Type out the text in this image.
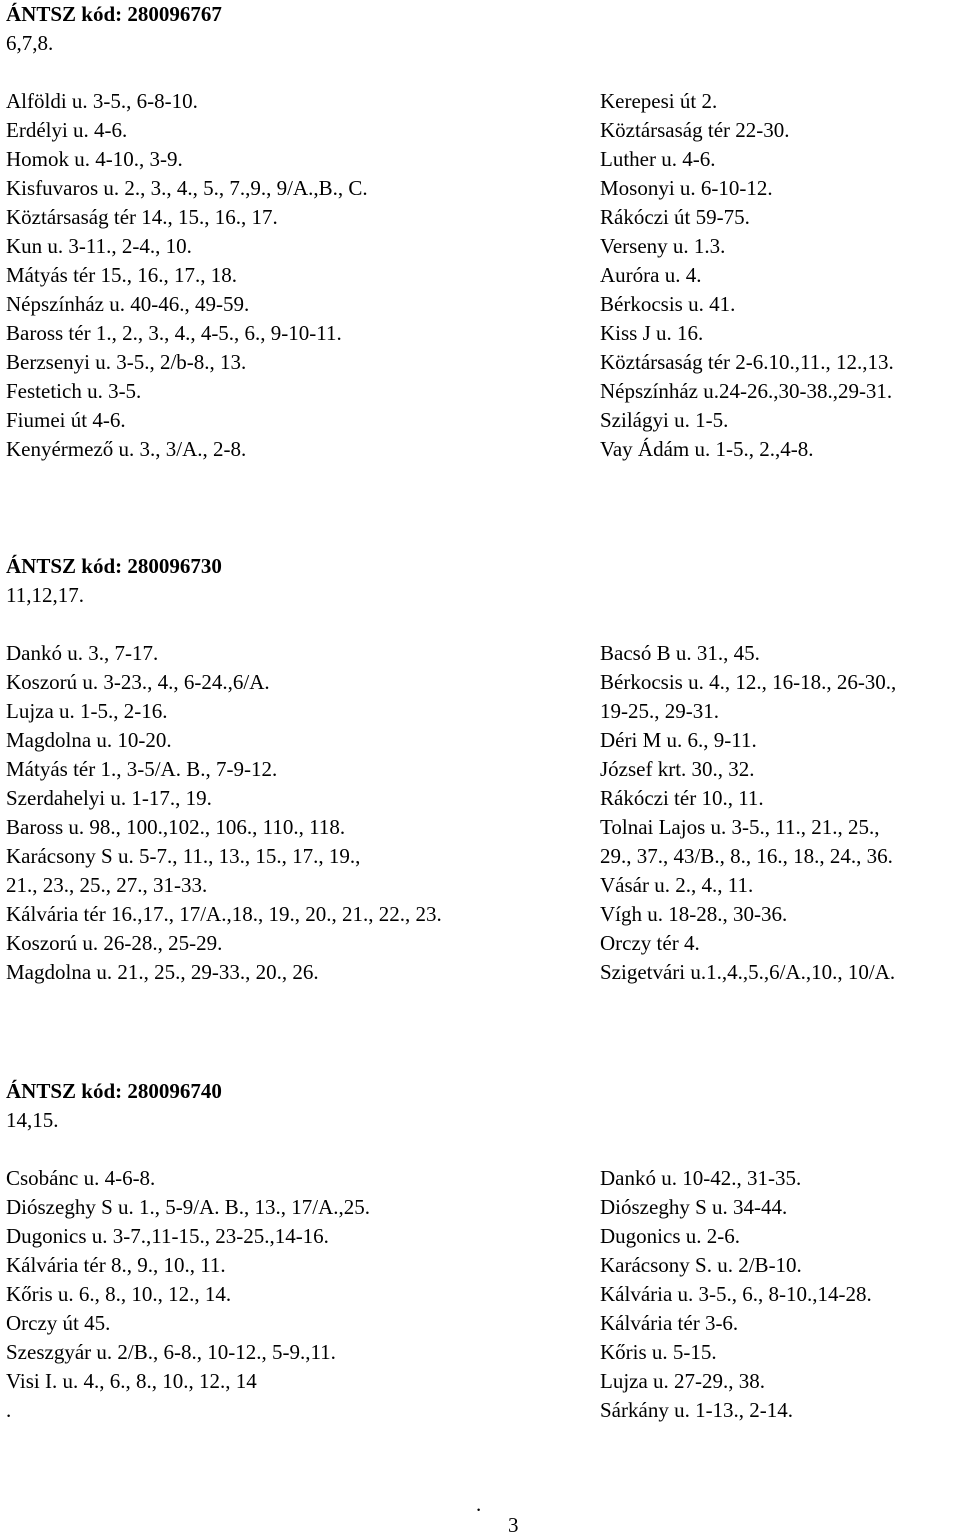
ÁNTSZ kód: 280096767
6,7,8.
Alföldi u. 3-5., 6-8-10.
Erdélyi u. 4-6.
Homok u. 4-10., 3-9.
Kisfuvaros u. 2., 3., 4., 5., 7.,9., 9/A.,B., C.
Köztársaság tér 14., 15., 16., 17.
Kun u. 3-11., 2-4., 10.
Mátyás tér 15., 16., 17., 18.
Népszínház u. 40-46., 49-59.
Baross tér 1., 2., 3., 4., 4-5., 6., 9-10-11.
Berzsenyi u. 3-5., 2/b-8., 13.
Festetich u. 3-5.
Fiumei út 4-6.
Kenyérmező u. 3., 3/A., 2-8.
Kerepesi út 2.
Köztársaság tér 22-30.
Luther u. 4-6.
Mosonyi u. 6-10-12.
Rákóczi út 59-75.
Verseny u. 1.3.
Auróra u. 4.
Bérkocsis u. 41.
Kiss J u. 16.
Köztársaság tér 2-6.10.,11., 12.,13.
Népszínház u.24-26.,30-38.,29-31.
Szilágyi u. 1-5.
Vay Ádám u. 1-5., 2.,4-8.
ÁNTSZ kód: 280096730
11,12,17.
Dankó u. 3., 7-17.
Koszorú u. 3-23., 4., 6-24.,6/A.
Lujza u. 1-5., 2-16.
Magdolna u. 10-20.
Mátyás tér 1., 3-5/A. B., 7-9-12.
Szerdahelyi u. 1-17., 19.
Baross u. 98., 100.,102., 106., 110., 118.
Karácsony S u. 5-7., 11., 13., 15., 17., 19.,
21., 23., 25., 27., 31-33.
Kálvária tér 16.,17., 17/A.,18., 19., 20., 21., 22., 23.
Koszorú u. 26-28., 25-29.
Magdolna u. 21., 25., 29-33., 20., 26.
Bacsó B u. 31., 45.
Bérkocsis u. 4., 12., 16-18., 26-30.,
19-25., 29-31.
Déri M u. 6., 9-11.
József krt. 30., 32.
Rákóczi tér 10., 11.
Tolnai Lajos u. 3-5., 11., 21., 25.,
29., 37., 43/B., 8., 16., 18., 24., 36.
Vásár u. 2., 4., 11.
Vígh u. 18-28., 30-36.
Orczy tér 4.
Szigetvári u.1.,4.,5.,6/A.,10., 10/A.
ÁNTSZ kód: 280096740
14,15.
Csobánc u. 4-6-8.
Diószeghy S u. 1., 5-9/A. B., 13., 17/A.,25.
Dugonics u. 3-7.,11-15., 23-25.,14-16.
Kálvária tér 8., 9., 10., 11.
Kőris u. 6., 8., 10., 12., 14.
Orczy út 45.
Szeszgyár u. 2/B., 6-8., 10-12., 5-9.,11.
Visi I. u. 4., 6., 8., 10., 12., 14
.
Dankó u. 10-42., 31-35.
Diószeghy S u. 34-44.
Dugonics u. 2-6.
Karácsony S. u. 2/B-10.
Kálvária u. 3-5., 6., 8-10.,14-28.
Kálvária tér 3-6.
Kőris u. 5-15.
Lujza u. 27-29., 38.
Sárkány u. 1-13., 2-14.
.
3
